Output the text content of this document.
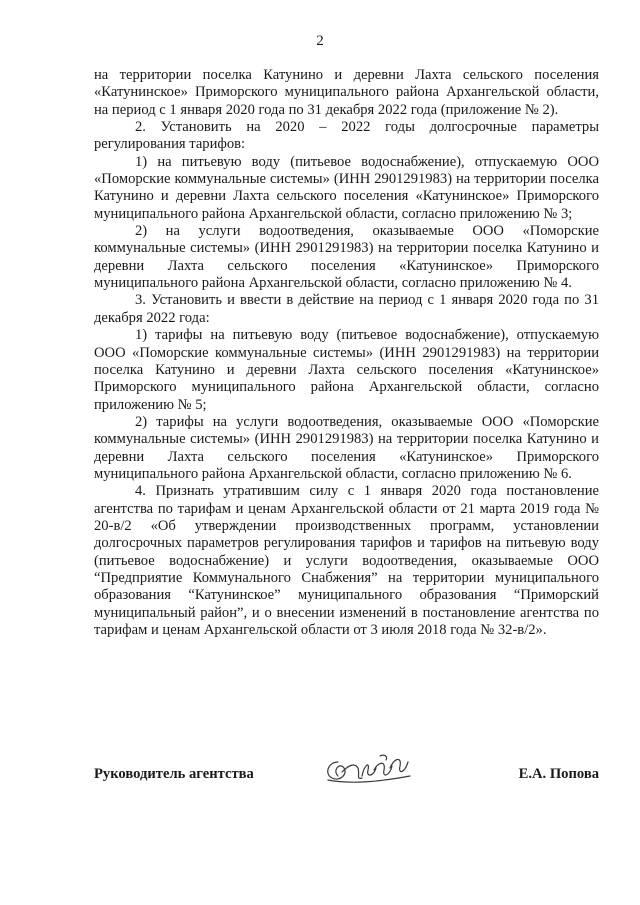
2

на территории поселка Катунино и деревни Лахта сельского поселения «Катунинское» Приморского муниципального района Архангельской области, на период с 1 января 2020 года по 31 декабря 2022 года (приложение № 2).

2. Установить на 2020 – 2022 годы долгосрочные параметры регулирования тарифов:

1) на питьевую воду (питьевое водоснабжение), отпускаемую ООО «Поморские коммунальные системы» (ИНН 2901291983) на территории поселка Катунино и деревни Лахта сельского поселения «Катунинское» Приморского муниципального района Архангельской области, согласно приложению № 3;

2) на услуги водоотведения, оказываемые ООО «Поморские коммунальные системы» (ИНН 2901291983) на территории поселка Катунино и деревни Лахта сельского поселения «Катунинское» Приморского муниципального района Архангельской области, согласно приложению № 4.

3. Установить и ввести в действие на период с 1 января 2020 года по 31 декабря 2022 года:

1) тарифы на питьевую воду (питьевое водоснабжение), отпускаемую ООО «Поморские коммунальные системы» (ИНН 2901291983) на территории поселка Катунино и деревни Лахта сельского поселения «Катунинское» Приморского муниципального района Архангельской области, согласно приложению № 5;

2) тарифы на услуги водоотведения, оказываемые ООО «Поморские коммунальные системы» (ИНН 2901291983) на территории поселка Катунино и деревни Лахта сельского поселения «Катунинское» Приморского муниципального района Архангельской области, согласно приложению № 6.

4. Признать утратившим силу с 1 января 2020 года постановление агентства по тарифам и ценам Архангельской области от 21 марта 2019 года № 20-в/2 «Об утверждении производственных программ, установлении долгосрочных параметров регулирования тарифов и тарифов на питьевую воду (питьевое водоснабжение) и услуги водоотведения, оказываемые ООО “Предприятие Коммунального Снабжения” на территории муниципального образования “Катунинское” муниципального образования “Приморский муниципальный район”, и о внесении изменений в постановление агентства по тарифам и ценам Архангельской области от 3 июля 2018 года № 32-в/2».

Руководитель агентства	Е.А. Попова
